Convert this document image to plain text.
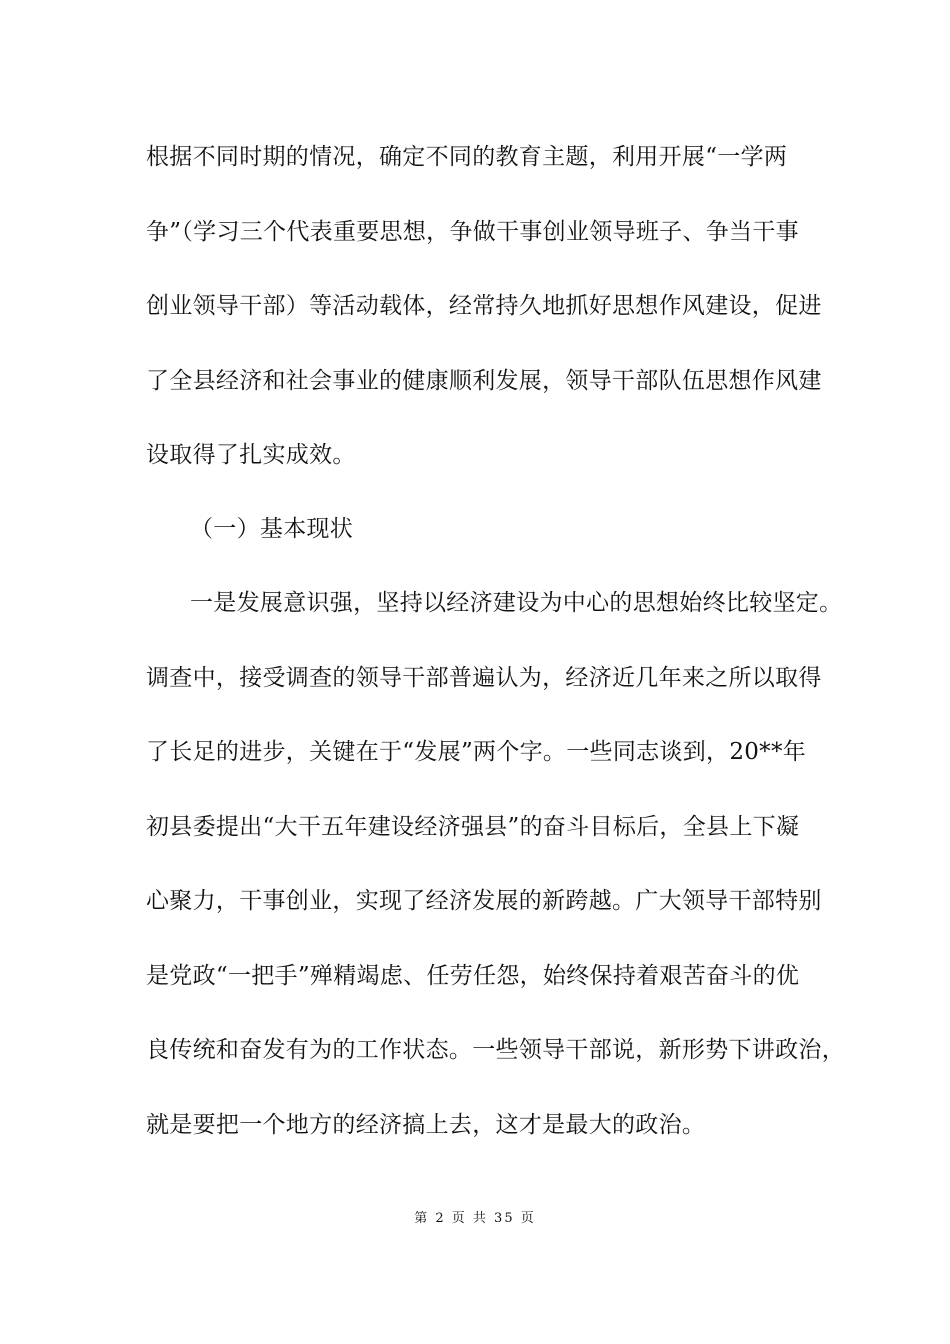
根据不同时期的情况，确定不同的教育主题，利用开展“一学两
争”（学习三个代表重要思想，争做干事创业领导班子、争当干事
创业领导干部）等活动载体，经常持久地抓好思想作风建设，促进
了全县经济和社会事业的健康顺利发展，领导干部队伍思想作风建
设取得了扎实成效。
（一）基本现状
一是发展意识强，坚持以经济建设为中心的思想始终比较坚定。
调查中，接受调查的领导干部普遍认为，经济近几年来之所以取得
了长足的进步，关键在于“发展”两个字。一些同志谈到，20**年
初县委提出“大干五年建设经济强县”的奋斗目标后，全县上下凝
心聚力，干事创业，实现了经济发展的新跨越。广大领导干部特别
是党政“一把手”殚精竭虑、任劳任怨，始终保持着艰苦奋斗的优
良传统和奋发有为的工作状态。一些领导干部说，新形势下讲政治，
就是要把一个地方的经济搞上去，这才是最大的政治。
第 2 页 共 35 页
